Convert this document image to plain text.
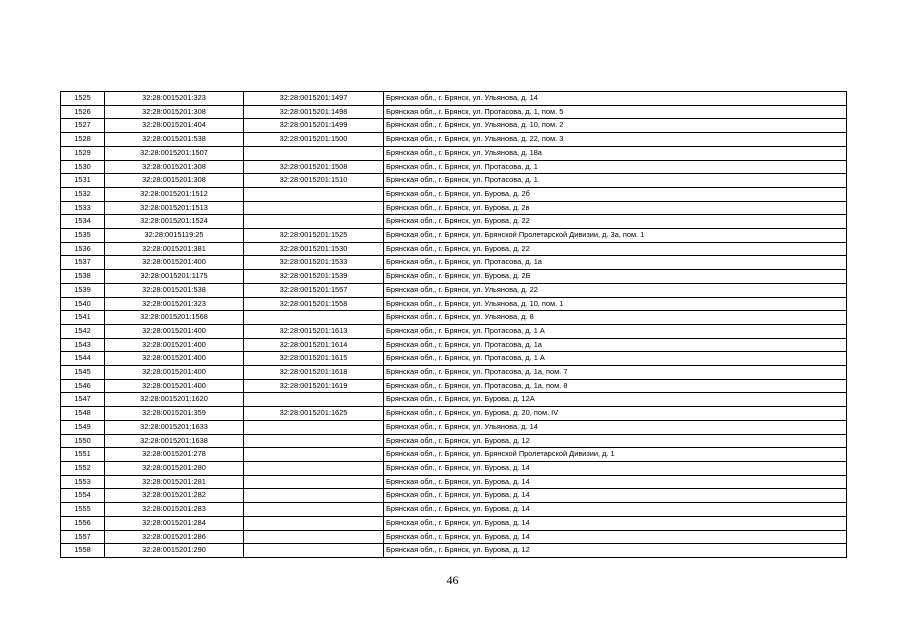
1525	32:28:0015201:323	32:28:0015201:1497	Брянская обл., г. Брянск, ул. Ульянова, д. 14
1526	32:28:0015201:308	32:28:0015201:1498	Брянская обл., г. Брянск, ул. Протасова, д. 1, пом. 5
1527	32:28:0015201:404	32:28:0015201:1499	Брянская обл., г. Брянск, ул. Ульянова, д. 10, пом. 2
1528	32:28:0015201:538	32:28:0015201:1500	Брянская обл., г. Брянск, ул. Ульянова, д. 22, пом. 3
1529	32:28:0015201:1507		Брянская обл., г. Брянск, ул. Ульянова, д. 18а
1530	32:28:0015201:308	32:28:0015201:1508	Брянская обл., г. Брянск, ул. Протасова, д. 1
1531	32:28:0015201:308	32:28:0015201:1510	Брянская обл., г. Брянск, ул. Протасова, д. 1
1532	32:28:0015201:1512		Брянская обл., г. Брянск, ул. Бурова, д. 2б
1533	32:28:0015201:1513		Брянская обл., г. Брянск, ул. Бурова, д. 2в
1534	32:28:0015201:1524		Брянская обл., г. Брянск, ул. Бурова, д. 22
1535	32:28:0015119:25	32:28:0015201:1525	Брянская обл., г. Брянск, ул. Брянской Пролетарской Дивизии, д. 3а, пом. 1
1536	32:28:0015201:381	32:28:0015201:1530	Брянская обл., г. Брянск, ул. Бурова, д. 22
1537	32:28:0015201:400	32:28:0015201:1533	Брянская обл., г. Брянск, ул. Протасова, д. 1а
1538	32:28:0015201:1175	32:28:0015201:1539	Брянская обл., г. Брянск, ул. Бурова, д. 2Б
1539	32:28:0015201:538	32:28:0015201:1557	Брянская обл., г. Брянск, ул. Ульянова, д. 22
1540	32:28:0015201:323	32:28:0015201:1558	Брянская обл., г. Брянск, ул. Ульянова, д. 10, пом. 1
1541	32:28:0015201:1568		Брянская обл., г. Брянск, ул. Ульянова, д. 8
1542	32:28:0015201:400	32:28:0015201:1613	Брянская обл., г. Брянск, ул. Протасова, д. 1 А
1543	32:28:0015201:400	32:28:0015201:1614	Брянская обл., г. Брянск, ул. Протасова, д. 1а
1544	32:28:0015201:400	32:28:0015201:1615	Брянская обл., г. Брянск, ул. Протасова, д. 1 А
1545	32:28:0015201:400	32:28:0015201:1618	Брянская обл., г. Брянск, ул. Протасова, д. 1а, пом. 7
1546	32:28:0015201:400	32:28:0015201:1619	Брянская обл., г. Брянск, ул. Протасова, д. 1а, пом. 8
1547	32:28:0015201:1620		Брянская обл., г. Брянск, ул. Бурова, д. 12А
1548	32:28:0015201:359	32:28:0015201:1625	Брянская обл., г. Брянск, ул. Бурова, д. 20, пом. IV
1549	32:28:0015201:1633		Брянская обл., г. Брянск, ул. Ульянова, д. 14
1550	32:28:0015201:1638		Брянская обл., г. Брянск, ул. Бурова, д. 12
1551	32:28:0015201:278		Брянская обл., г. Брянск, ул. Брянской Пролетарской Дивизии, д. 1
1552	32:28:0015201:280		Брянская обл., г. Брянск, ул. Бурова, д. 14
1553	32:28:0015201:281		Брянская обл., г. Брянск, ул. Бурова, д. 14
1554	32:28:0015201:282		Брянская обл., г. Брянск, ул. Бурова, д. 14
1555	32:28:0015201:283		Брянская обл., г. Брянск, ул. Бурова, д. 14
1556	32:28:0015201:284		Брянская обл., г. Брянск, ул. Бурова, д. 14
1557	32:28:0015201:286		Брянская обл., г. Брянск, ул. Бурова, д. 14
1558	32:28:0015201:290		Брянская обл., г. Брянск, ул. Бурова, д. 12
46
